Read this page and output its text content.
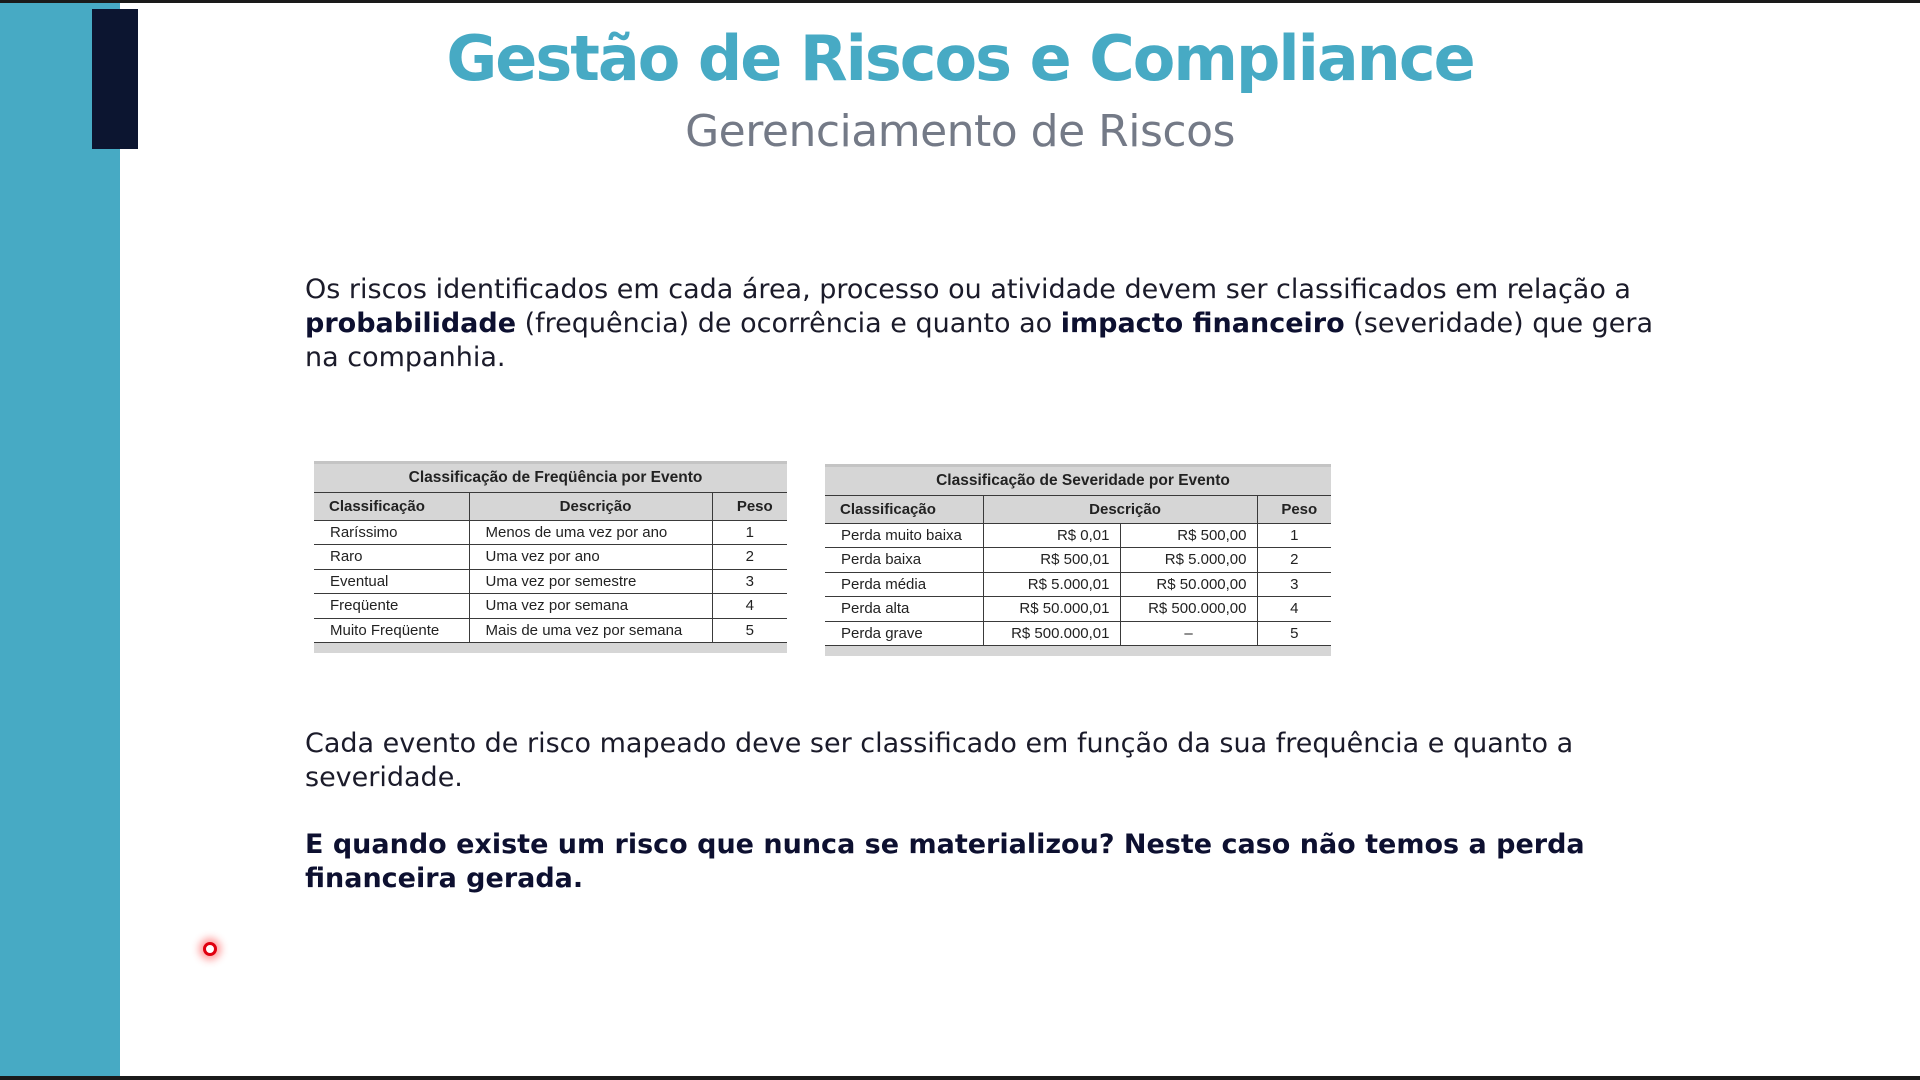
Gestão de Riscos e Compliance
Gerenciamento de Riscos
Os riscos identificados em cada área, processo ou atividade devem ser classificados em relação a probabilidade (frequência) de ocorrência e quanto ao impacto financeiro (severidade) que gera na companhia.
Classificação de Freqüência por Evento		
Classificação	Descrição	Peso
Raríssimo	Menos de uma vez por ano	1
Raro	Uma vez por ano	2
Eventual	Uma vez por semestre	3
Freqüente	Uma vez por semana	4
Muito Freqüente	Mais de uma vez por semana	5
Classificação de Severidade por Evento			
Classificação	Descrição		Peso
Perda muito baixa	R$ 0,01	R$ 500,00	1
Perda baixa	R$ 500,01	R$ 5.000,00	2
Perda média	R$ 5.000,01	R$ 50.000,00	3
Perda alta	R$ 50.000,01	R$ 500.000,00	4
Perda grave	R$ 500.000,01	–	5
Cada evento de risco mapeado deve ser classificado em função da sua frequência e quanto a severidade.
E quando existe um risco que nunca se materializou? Neste caso não temos a perda financeira gerada.
